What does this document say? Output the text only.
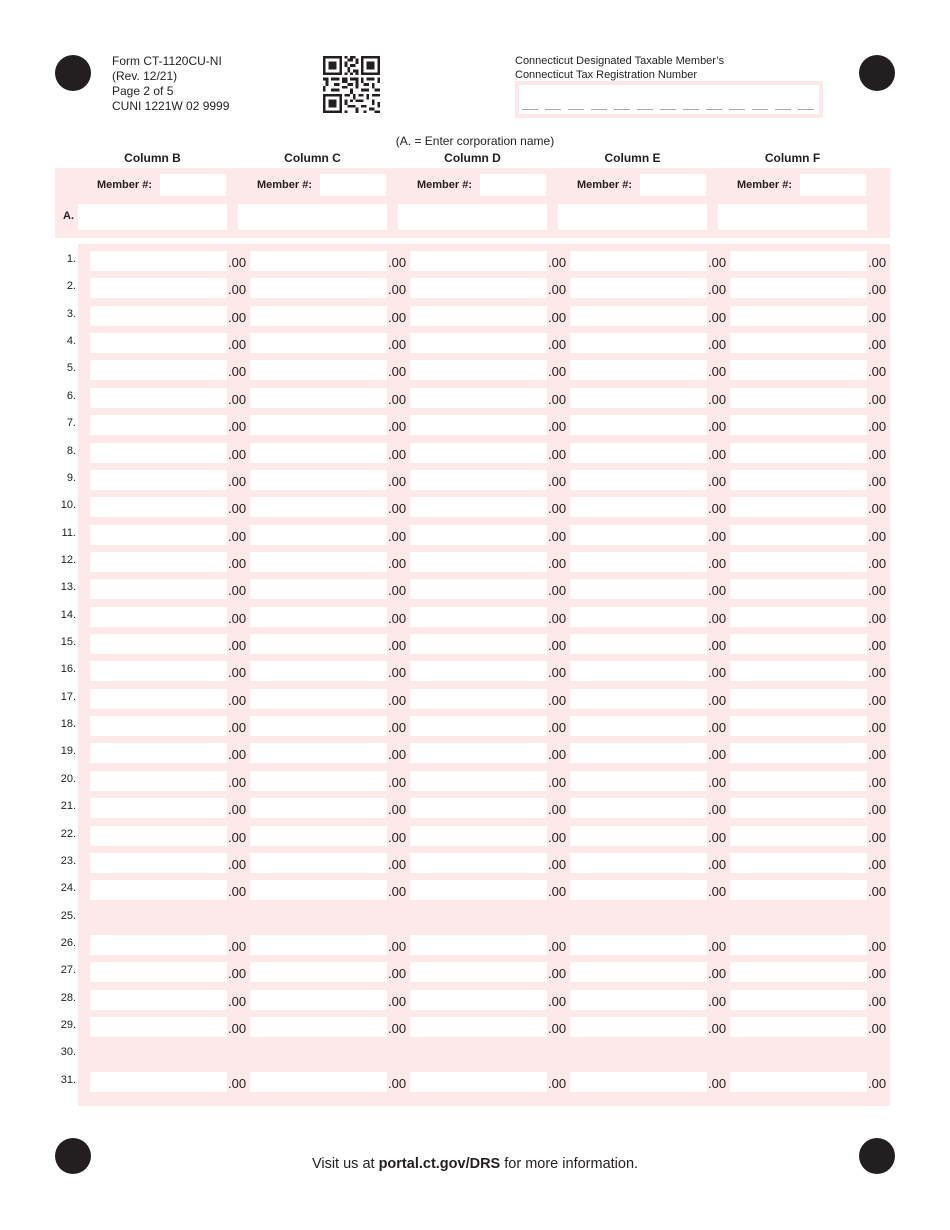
Form CT-1120CU-NI
(Rev. 12/21)
Page 2 of 5
CUNI 1221W 02 9999
Connecticut Designated Taxable Member’s
Connecticut Tax Registration Number
(A. = Enter corporation name)
Column B	Column C	Column D	Column E	Column F
Member #:	Member #:	Member #:	Member #:	Member #:
A.
1.	.00	.00	.00	.00	.00
2.	.00	.00	.00	.00	.00
3.	.00	.00	.00	.00	.00
4.	.00	.00	.00	.00	.00
5.	.00	.00	.00	.00	.00
6.	.00	.00	.00	.00	.00
7.	.00	.00	.00	.00	.00
8.	.00	.00	.00	.00	.00
9.	.00	.00	.00	.00	.00
10.	.00	.00	.00	.00	.00
11.	.00	.00	.00	.00	.00
12.	.00	.00	.00	.00	.00
13.	.00	.00	.00	.00	.00
14.	.00	.00	.00	.00	.00
15.	.00	.00	.00	.00	.00
16.	.00	.00	.00	.00	.00
17.	.00	.00	.00	.00	.00
18.	.00	.00	.00	.00	.00
19.	.00	.00	.00	.00	.00
20.	.00	.00	.00	.00	.00
21.	.00	.00	.00	.00	.00
22.	.00	.00	.00	.00	.00
23.	.00	.00	.00	.00	.00
24.	.00	.00	.00	.00	.00
25.
26.	.00	.00	.00	.00	.00
27.	.00	.00	.00	.00	.00
28.	.00	.00	.00	.00	.00
29.	.00	.00	.00	.00	.00
30.
31.	.00	.00	.00	.00	.00
Visit us at portal.ct.gov/DRS for more information.
